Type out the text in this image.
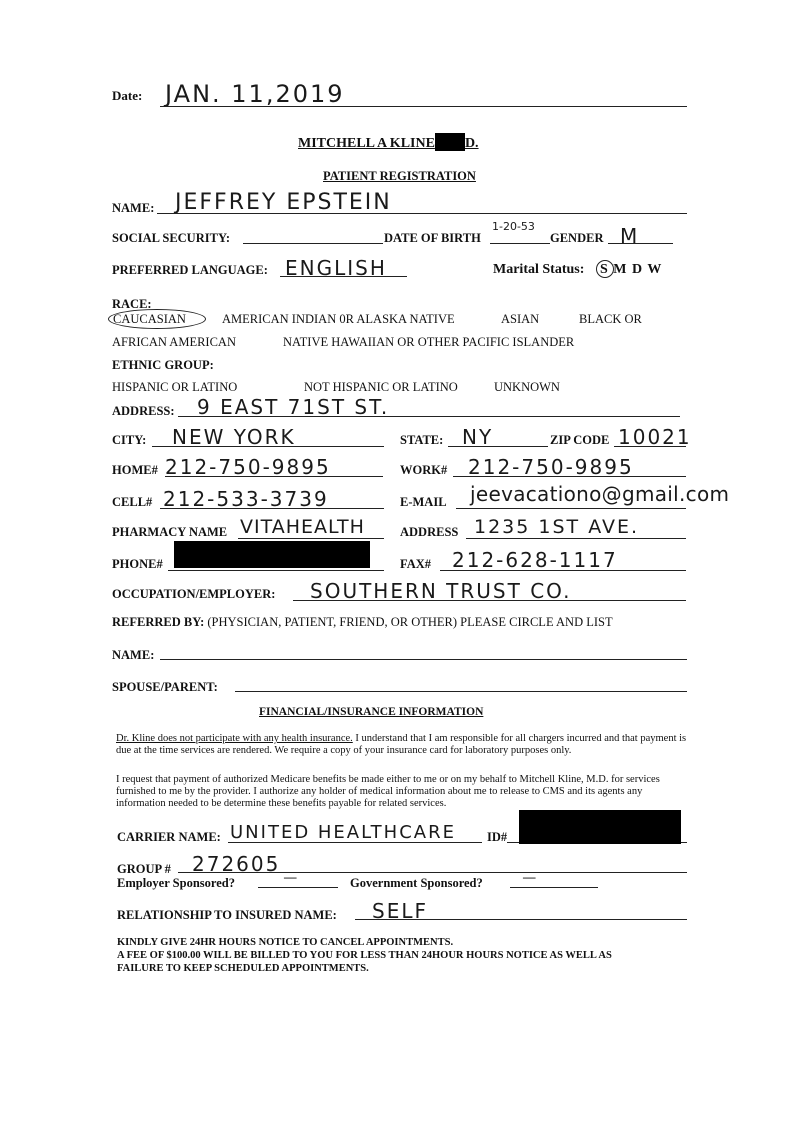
Date: JAN. 11,2019
MITCHELL A KLINE D.
PATIENT REGISTRATION
NAME: JEFFREY EPSTEIN
SOCIAL SECURITY:	DATE OF BIRTH
1-20-53
GENDER M
PREFERRED LANGUAGE: ENGLISH	Marital Status: S M D W
RACE:
CAUCASIAN	AMERICAN INDIAN 0R ALASKA NATIVE	ASIAN	BLACK OR
AFRICAN AMERICAN	NATIVE HAWAIIAN OR OTHER PACIFIC ISLANDER
ETHNIC GROUP:
HISPANIC OR LATINO	NOT HISPANIC OR LATINO	UNKNOWN
ADDRESS: 9 EAST 71ST ST.
CITY: NEW YORK	STATE: NY	ZIP CODE 10021
HOME# 212-750-9895	WORK# 212-750-9895
CELL# 212-533-3739	E-MAIL jeevacationo@gmail.com
PHARMACY NAME VITAHEALTH	ADDRESS 1235 1ST AVE.
PHONE#	FAX# 212-628-1117
OCCUPATION/EMPLOYER: SOUTHERN TRUST CO.
REFERRED BY: (PHYSICIAN, PATIENT, FRIEND, OR OTHER) PLEASE CIRCLE AND LIST
NAME:
SPOUSE/PARENT:
FINANCIAL/INSURANCE INFORMATION
Dr. Kline does not participate with any health insurance. I understand that I am responsible for all chargers incurred and that payment is due at the time services are rendered. We require a copy of your insurance card for laboratory purposes only.
I request that payment of authorized Medicare benefits be made either to me or on my behalf to Mitchell Kline, M.D. for services furnished to me by the provider. I authorize any holder of medical information about me to release to CMS and its agents any information needed to be determine these benefits payable for related services.
CARRIER NAME: UNITED HEALTHCARE ID#
GROUP # 272605
Employer Sponsored?	—	Government Sponsored?	—
RELATIONSHIP TO INSURED NAME: SELF
KINDLY GIVE 24HR HOURS NOTICE TO CANCEL APPOINTMENTS.
A FEE OF $100.00 WILL BE BILLED TO YOU FOR LESS THAN 24HOUR HOURS NOTICE AS WELL AS
FAILURE TO KEEP SCHEDULED APPOINTMENTS.
